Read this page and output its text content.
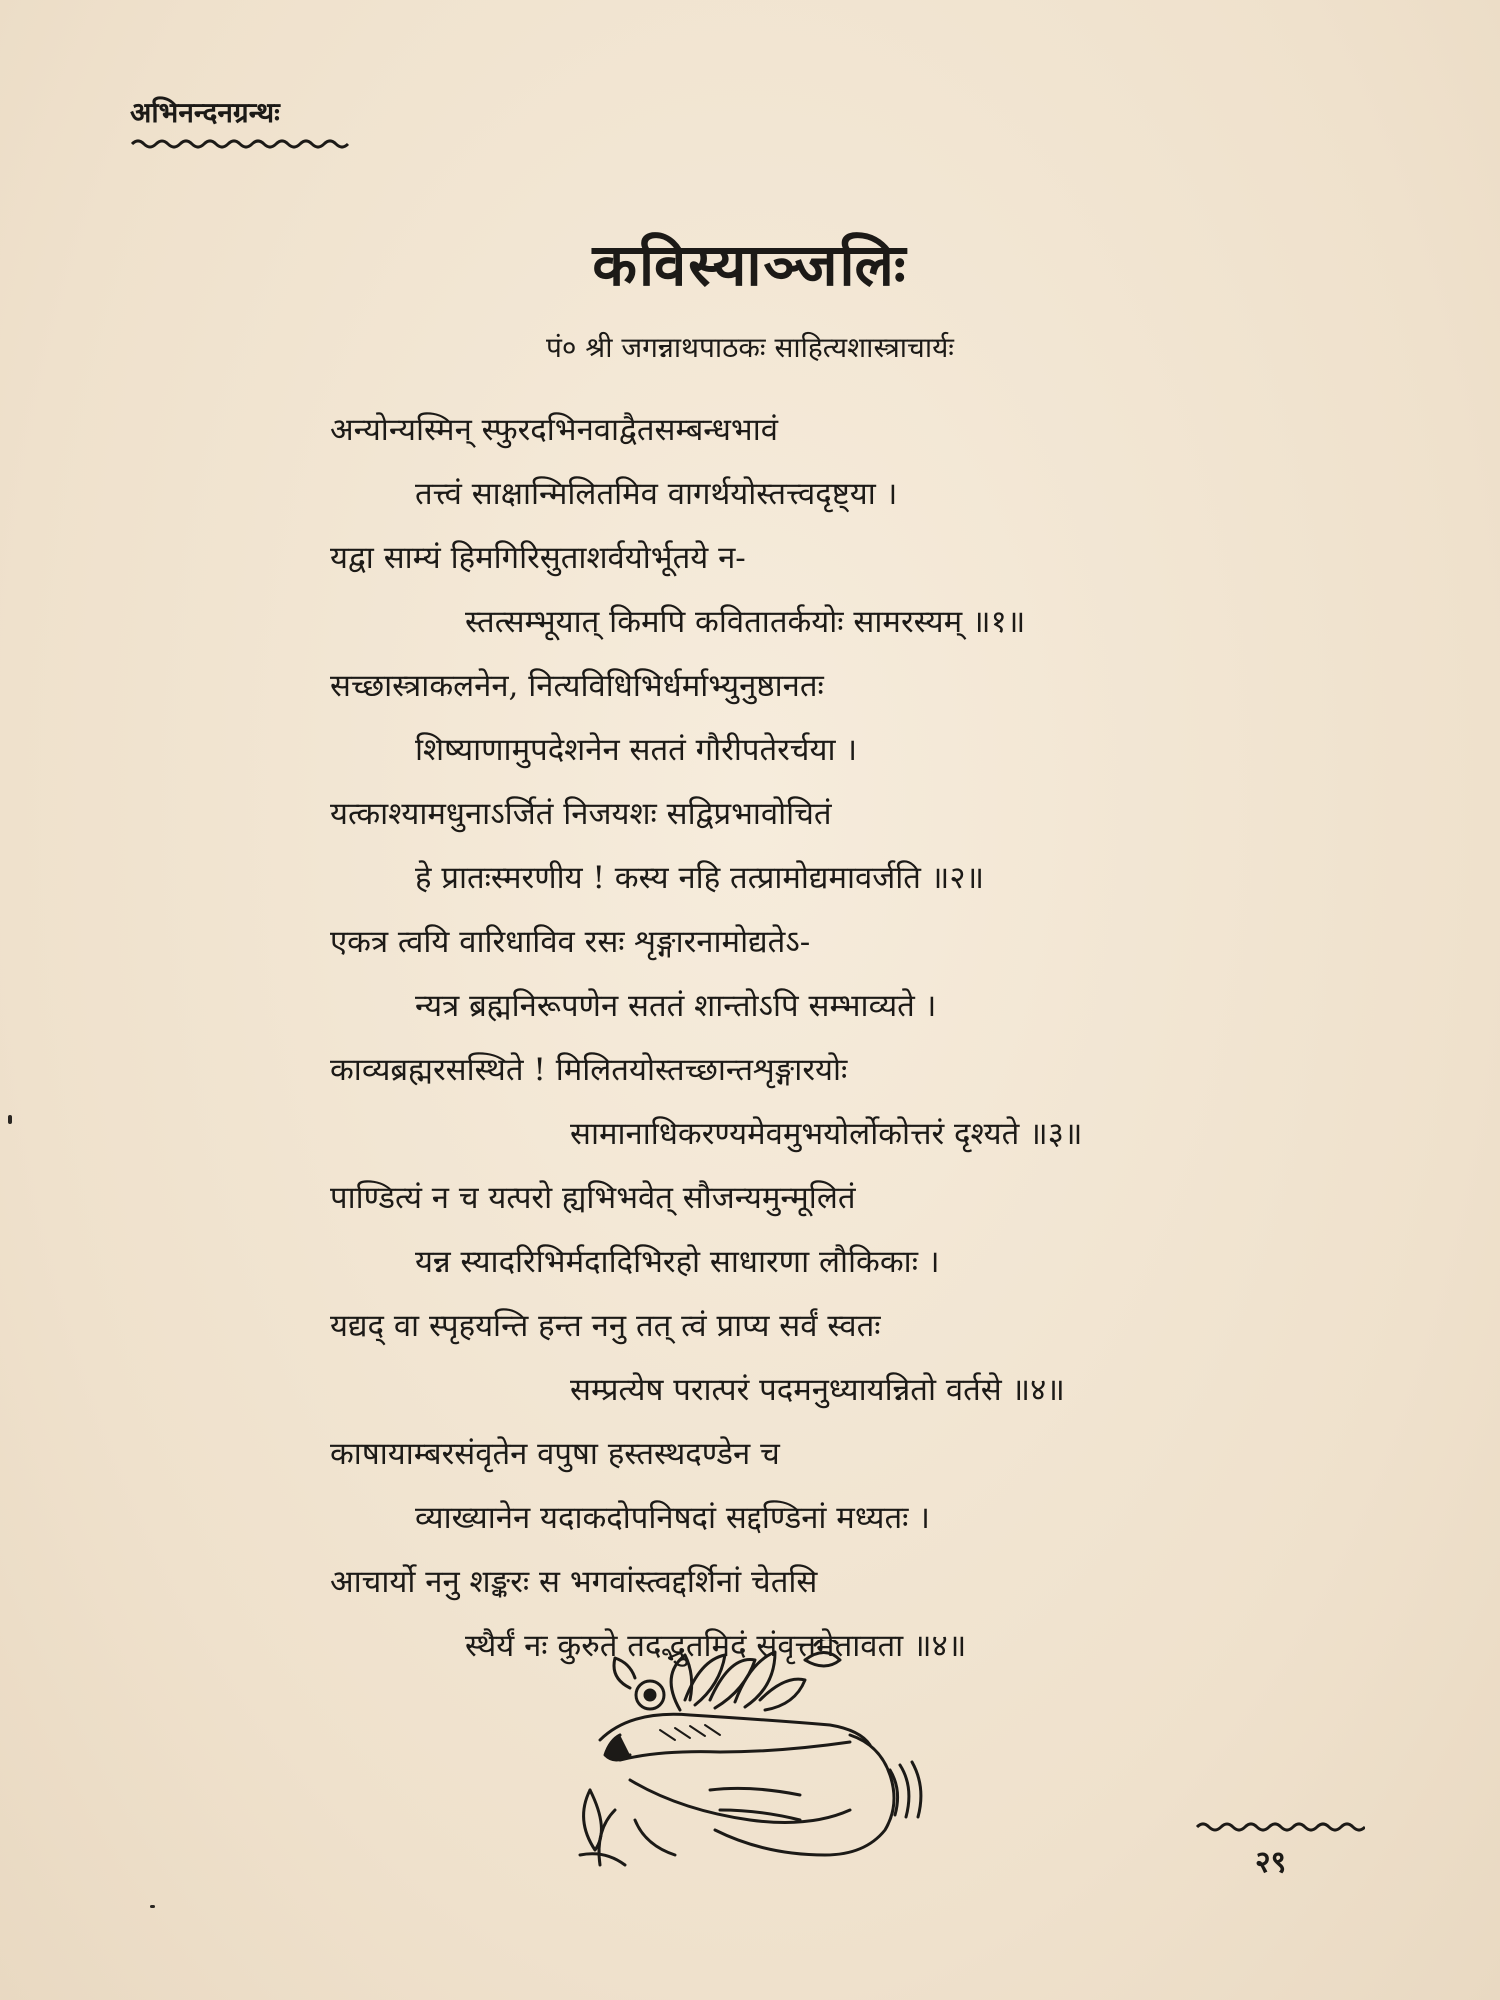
अभिनन्दनग्रन्थः
कविस्याञ्जलिः
पं० श्री जगन्नाथपाठकः साहित्यशास्त्राचार्यः
अन्योन्यस्मिन् स्फुरदभिनवाद्वैतसम्बन्धभावं
तत्त्वं साक्षान्मिलितमिव वागर्थयोस्तत्त्वदृष्ट्या ।
यद्वा साम्यं हिमगिरिसुताशर्वयोर्भूतये न-
स्तत्सम्भूयात् किमपि कवितातर्कयोः सामरस्यम् ॥१॥
सच्छास्त्राकलनेन, नित्यविधिभिर्धर्माभ्युनुष्ठानतः
शिष्याणामुपदेशनेन सततं गौरीपतेरर्चया ।
यत्काश्यामधुनाऽर्जितं निजयशः सद्विप्रभावोचितं
हे प्रातःस्मरणीय ! कस्य नहि तत्प्रामोद्यमावर्जति ॥२॥
एकत्र त्वयि वारिधाविव रसः शृङ्गारनामोद्यतेऽ-
न्यत्र ब्रह्मनिरूपणेन सततं शान्तोऽपि सम्भाव्यते ।
काव्यब्रह्मरसस्थिते ! मिलितयोस्तच्छान्तशृङ्गारयोः
सामानाधिकरण्यमेवमुभयोर्लोकोत्तरं दृश्यते ॥३॥
पाण्डित्यं न च यत्परो ह्यभिभवेत् सौजन्यमुन्मूलितं
यन्न स्यादरिभिर्मदादिभिरहो साधारणा लौकिकाः ।
यद्यद् वा स्पृहयन्ति हन्त ननु तत् त्वं प्राप्य सर्वं स्वतः
सम्प्रत्येष परात्परं पदमनुध्यायन्नितो वर्तसे ॥४॥
काषायाम्बरसंवृतेन वपुषा हस्तस्थदण्डेन च
व्याख्यानेन यदाकदोपनिषदां सद्दण्डिनां मध्यतः ।
आचार्यो ननु शङ्करः स भगवांस्त्वद्दर्शिनां चेतसि
स्थैर्यं नः कुरुते तदद्भुतमिदं संवृत्तमेतावता ॥४॥
२९
